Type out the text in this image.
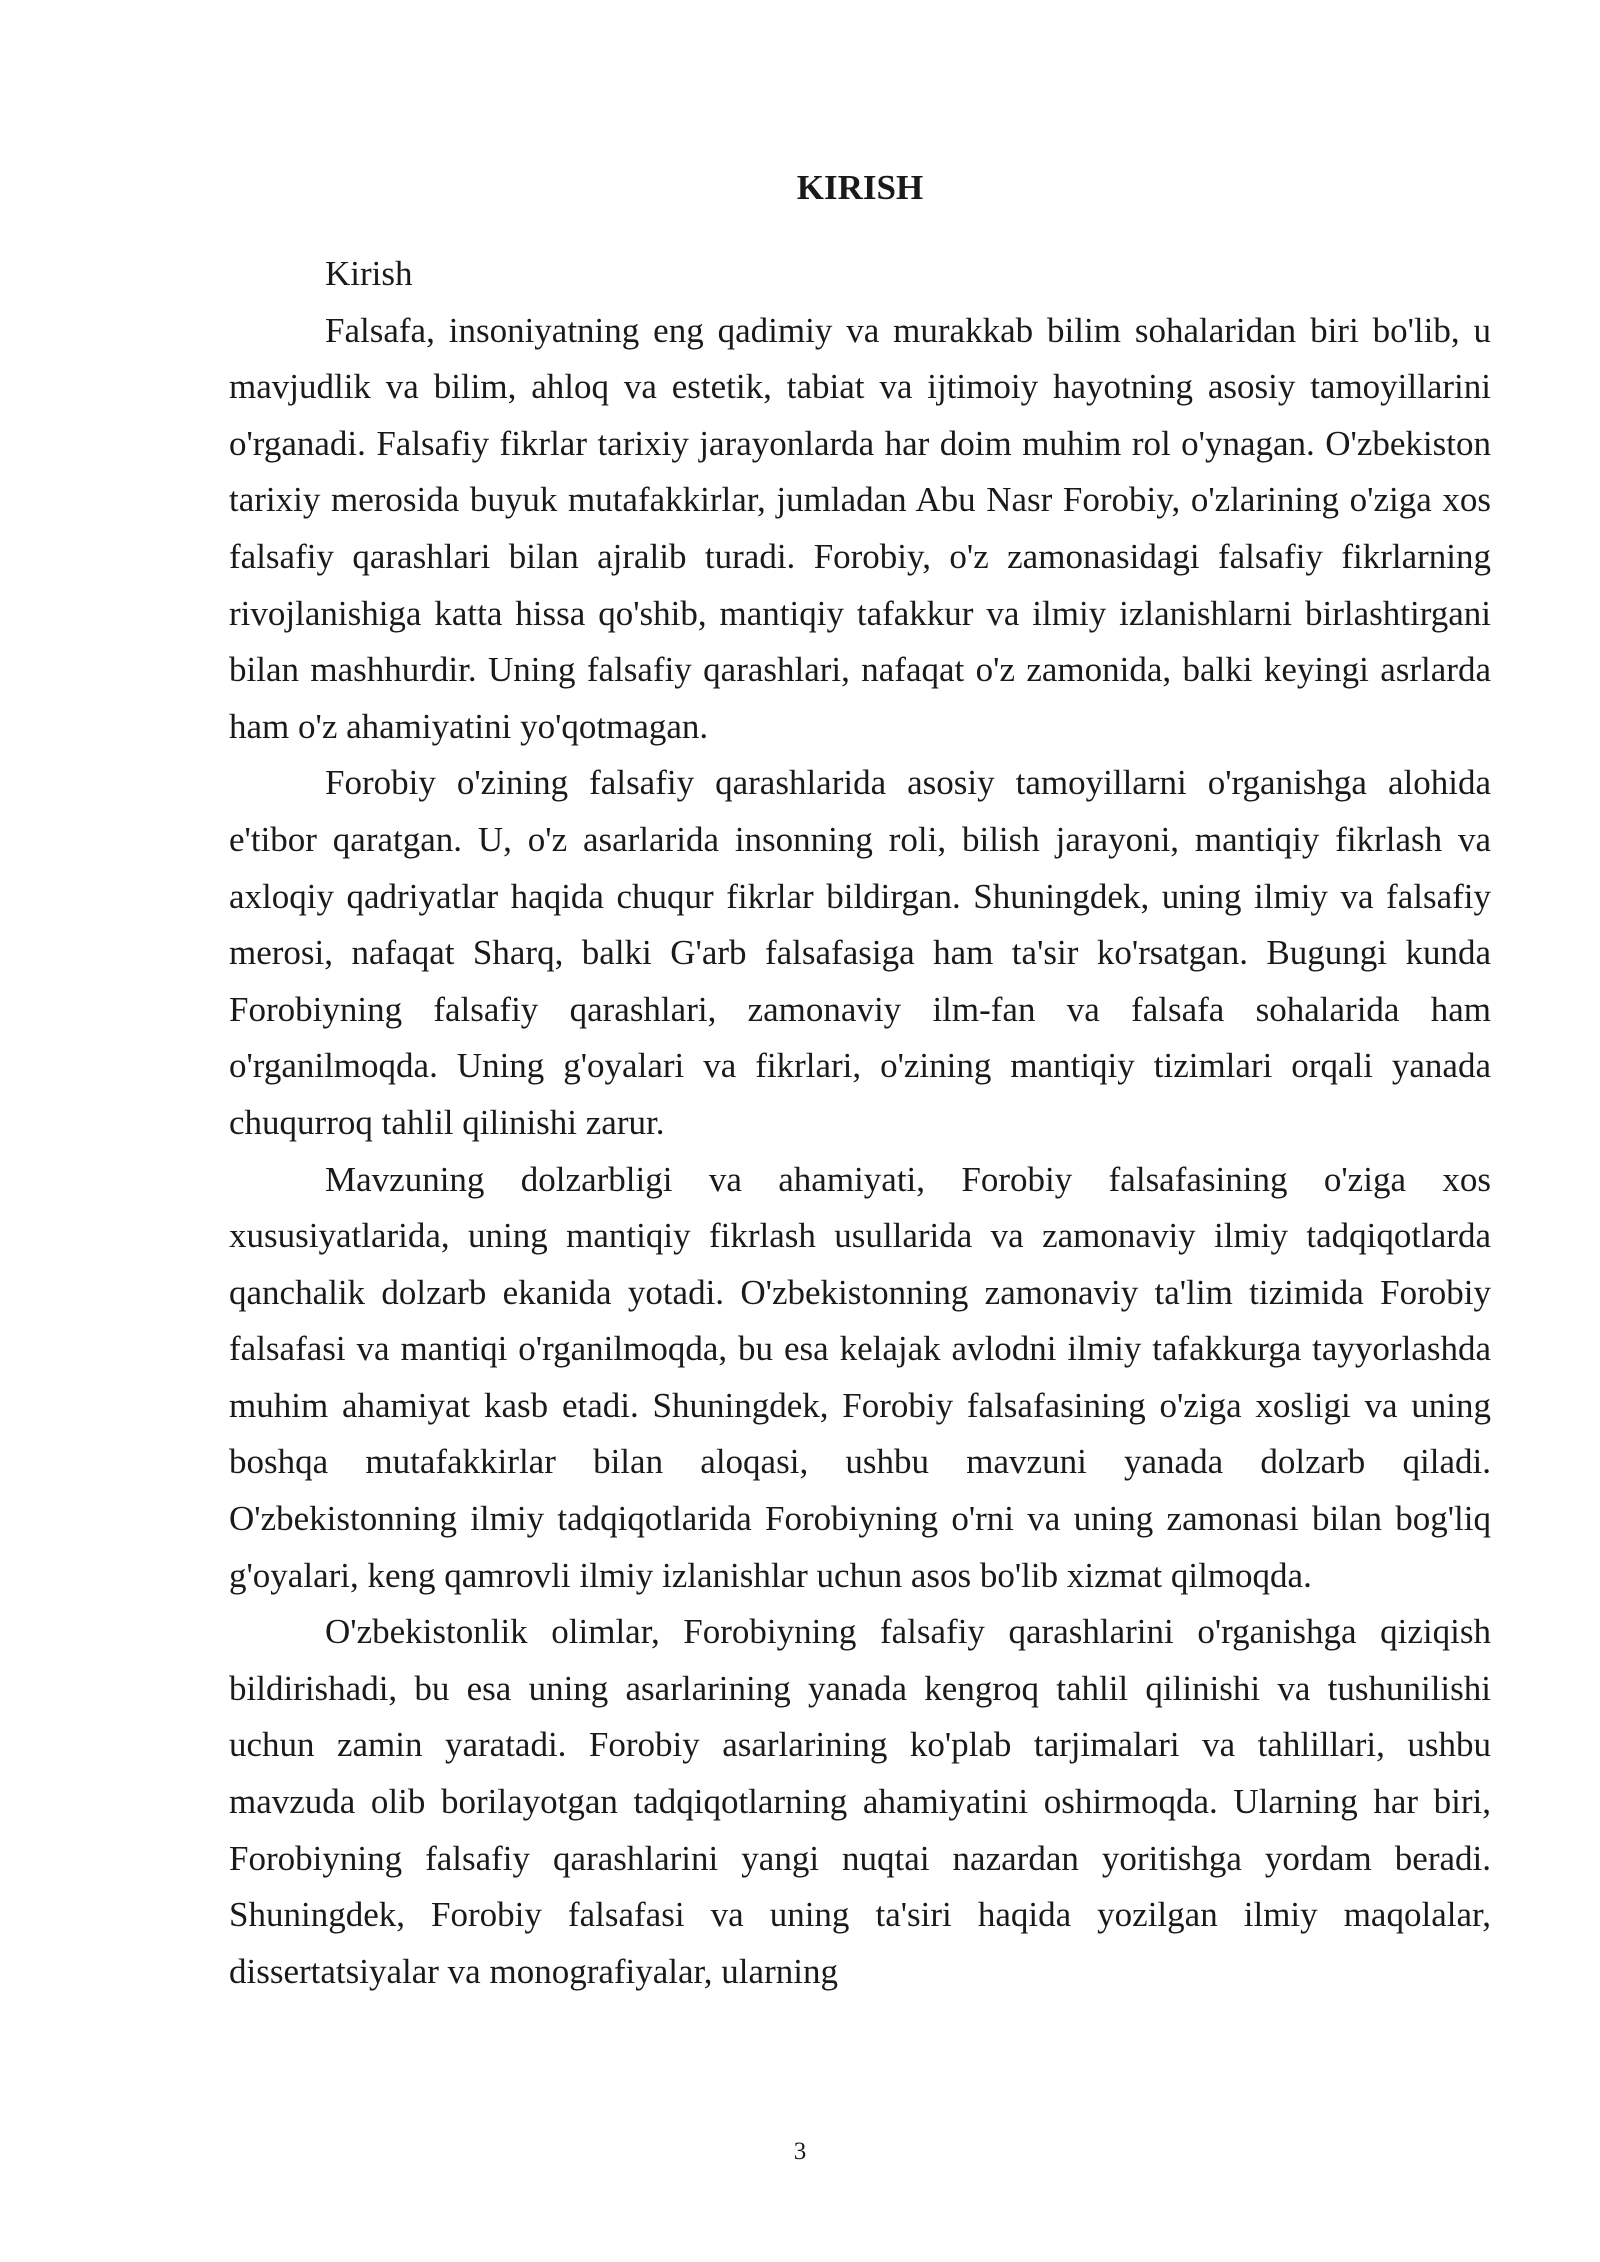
KIRISH

Kirish

Falsafa, insoniyatning eng qadimiy va murakkab bilim sohalaridan biri bo'lib, u mavjudlik va bilim, ahloq va estetik, tabiat va ijtimoiy hayotning asosiy tamoyillarini o'rganadi. Falsafiy fikrlar tarixiy jarayonlarda har doim muhim rol o'ynagan. O'zbekiston tarixiy merosida buyuk mutafakkirlar, jumladan Abu Nasr Forobiy, o'zlarining o'ziga xos falsafiy qarashlari bilan ajralib turadi. Forobiy, o'z zamonasidagi falsafiy fikrlarning rivojlanishiga katta hissa qo'shib, mantiqiy tafakkur va ilmiy izlanishlarni birlashtirgani bilan mashhurdir. Uning falsafiy qarashlari, nafaqat o'z zamonida, balki keyingi asrlarda ham o'z ahamiyatini yo'qotmagan.

Forobiy o'zining falsafiy qarashlarida asosiy tamoyillarni o'rganishga alohida e'tibor qaratgan. U, o'z asarlarida insonning roli, bilish jarayoni, mantiqiy fikrlash va axloqiy qadriyatlar haqida chuqur fikrlar bildirgan. Shuningdek, uning ilmiy va falsafiy merosi, nafaqat Sharq, balki G'arb falsafasiga ham ta'sir ko'rsatgan. Bugungi kunda Forobiyning falsafiy qarashlari, zamonaviy ilm-fan va falsafa sohalarida ham o'rganilmoqda. Uning g'oyalari va fikrlari, o'zining mantiqiy tizimlari orqali yanada chuqurroq tahlil qilinishi zarur.

Mavzuning dolzarbligi va ahamiyati, Forobiy falsafasining o'ziga xos xususiyatlarida, uning mantiqiy fikrlash usullarida va zamonaviy ilmiy tadqiqotlarda qanchalik dolzarb ekanida yotadi. O'zbekistonning zamonaviy ta'lim tizimida Forobiy falsafasi va mantiqi o'rganilmoqda, bu esa kelajak avlodni ilmiy tafakkurga tayyorlashda muhim ahamiyat kasb etadi. Shuningdek, Forobiy falsafasining o'ziga xosligi va uning boshqa mutafakkirlar bilan aloqasi, ushbu mavzuni yanada dolzarb qiladi. O'zbekistonning ilmiy tadqiqotlarida Forobiyning o'rni va uning zamonasi bilan bog'liq g'oyalari, keng qamrovli ilmiy izlanishlar uchun asos bo'lib xizmat qilmoqda.

O'zbekistonlik olimlar, Forobiyning falsafiy qarashlarini o'rganishga qiziqish bildirishadi, bu esa uning asarlarining yanada kengroq tahlil qilinishi va tushunilishi uchun zamin yaratadi. Forobiy asarlarining ko'plab tarjimalari va tahlillari, ushbu mavzuda olib borilayotgan tadqiqotlarning ahamiyatini oshirmoqda. Ularning har biri, Forobiyning falsafiy qarashlarini yangi nuqtai nazardan yoritishga yordam beradi. Shuningdek, Forobiy falsafasi va uning ta'siri haqida yozilgan ilmiy maqolalar, dissertatsiyalar va monografiyalar, ularning

3
